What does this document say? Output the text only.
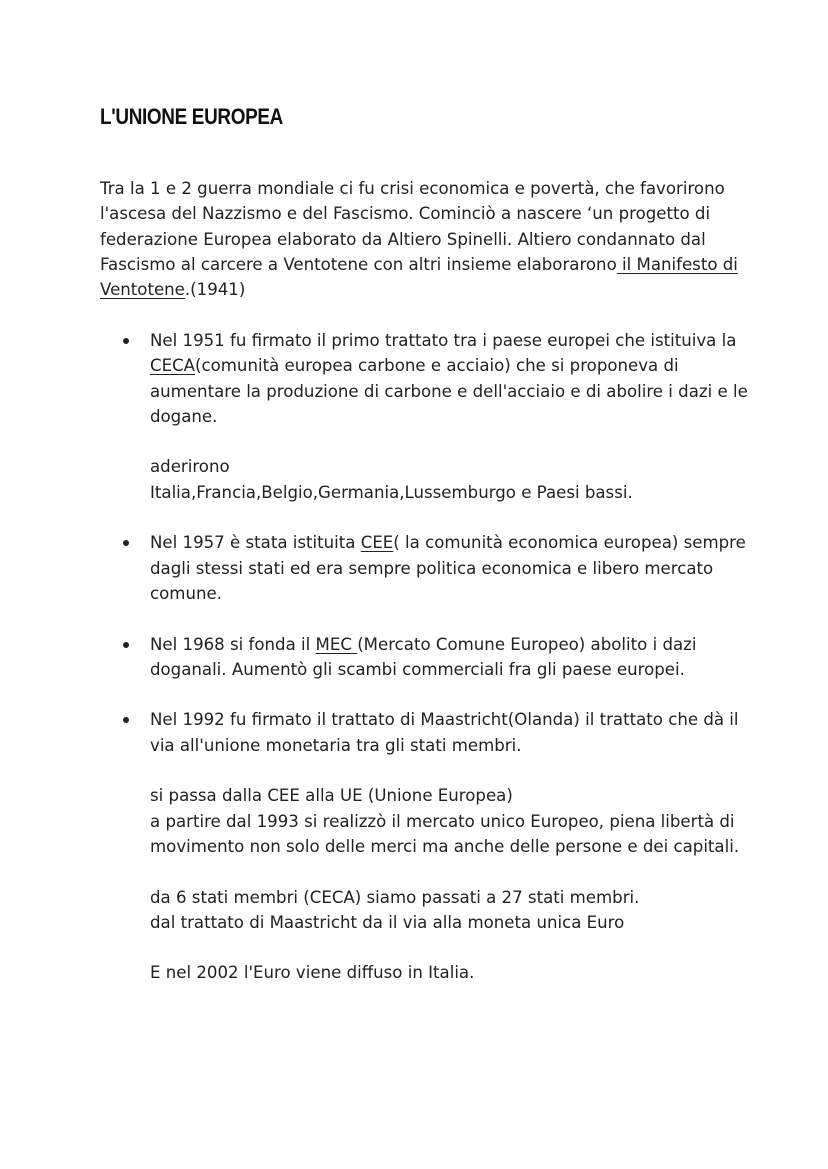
L'UNIONE EUROPEA

Tra la 1 e 2 guerra mondiale ci fu crisi economica e povertà, che favorirono l'ascesa del Nazzismo e del Fascismo. Cominciò a nascere ‘un progetto di federazione Europea elaborato da Altiero Spinelli. Altiero condannato dal Fascismo al carcere a Ventotene con altri insieme elaborarono il Manifesto di Ventotene.(1941)

Nel 1951 fu firmato il primo trattato tra i paese europei che istituiva la CECA(comunità europea carbone e acciaio) che si proponeva di aumentare la produzione di carbone e dell'acciaio e di abolire i dazi e le dogane.

aderirono

Italia,Francia,Belgio,Germania,Lussemburgo e Paesi bassi.

Nel 1957 è stata istituita CEE( la comunità economica europea) sempre dagli stessi stati ed era sempre politica economica e libero mercato comune.

Nel 1968 si fonda il MEC (Mercato Comune Europeo) abolito i dazi doganali. Aumentò gli scambi commerciali fra gli paese europei.

Nel 1992 fu firmato il trattato di Maastricht(Olanda) il trattato che dà il via all'unione monetaria tra gli stati membri.

si passa dalla CEE alla UE (Unione Europea)

a partire dal 1993 si realizzò il mercato unico Europeo, piena libertà di movimento non solo delle merci ma anche delle persone e dei capitali.

da 6 stati membri (CECA) siamo passati a 27 stati membri.

dal trattato di Maastricht da il via alla moneta unica Euro

E nel 2002 l'Euro viene diffuso in Italia.
